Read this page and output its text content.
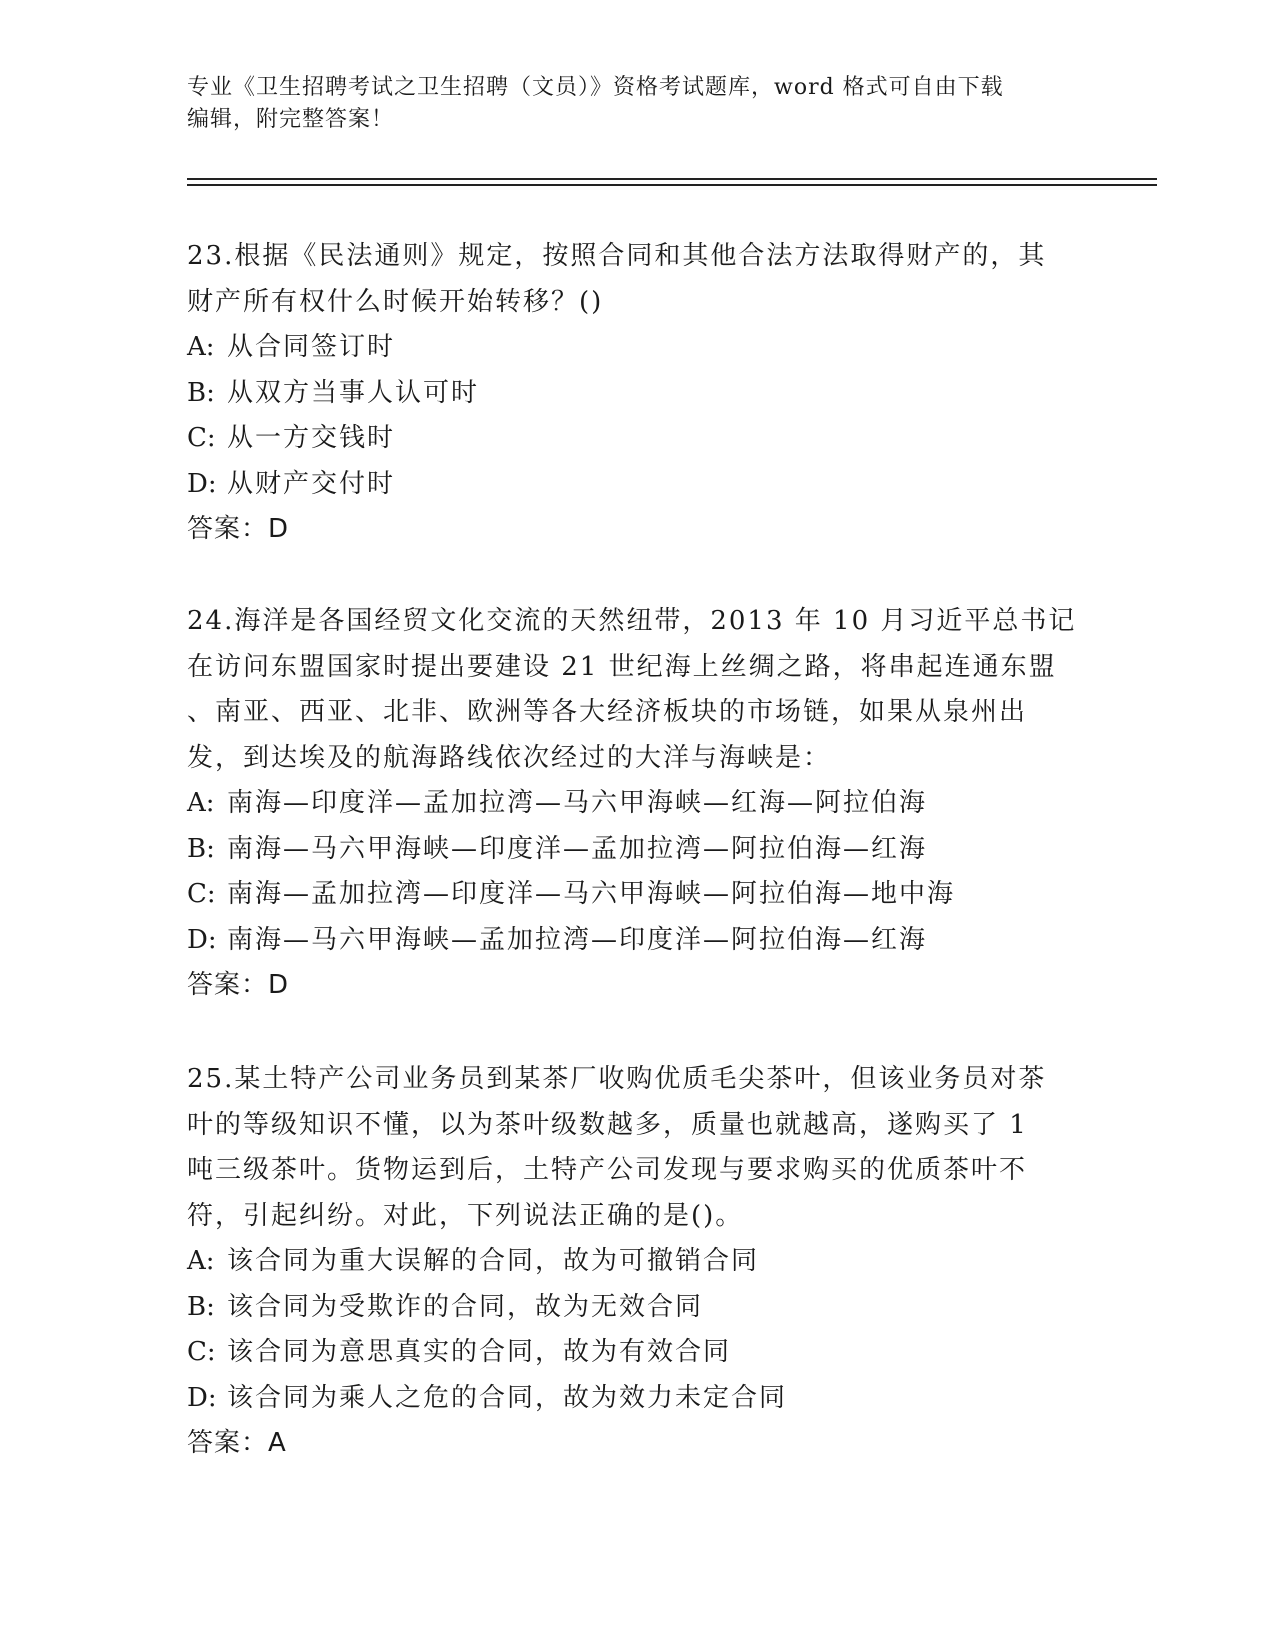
专业《卫生招聘考试之卫生招聘（文员）》资格考试题库，word 格式可自由下载
编辑，附完整答案！
23.根据《民法通则》规定，按照合同和其他合法方法取得财产的，其
财产所有权什么时候开始转移？()
A: 从合同签订时
B: 从双方当事人认可时
C: 从一方交钱时
D: 从财产交付时
答案：D
24.海洋是各国经贸文化交流的天然纽带，2013 年 10 月习近平总书记
在访问东盟国家时提出要建设 21 世纪海上丝绸之路，将串起连通东盟
、南亚、西亚、北非、欧洲等各大经济板块的市场链，如果从泉州出
发，到达埃及的航海路线依次经过的大洋与海峡是：
A: 南海—印度洋—孟加拉湾—马六甲海峡—红海—阿拉伯海
B: 南海—马六甲海峡—印度洋—孟加拉湾—阿拉伯海—红海
C: 南海—孟加拉湾—印度洋—马六甲海峡—阿拉伯海—地中海
D: 南海—马六甲海峡—孟加拉湾—印度洋—阿拉伯海—红海
答案：D
25.某土特产公司业务员到某茶厂收购优质毛尖茶叶，但该业务员对茶
叶的等级知识不懂，以为茶叶级数越多，质量也就越高，遂购买了 1
吨三级茶叶。货物运到后，土特产公司发现与要求购买的优质茶叶不
符，引起纠纷。对此，下列说法正确的是()。
A: 该合同为重大误解的合同，故为可撤销合同
B: 该合同为受欺诈的合同，故为无效合同
C: 该合同为意思真实的合同，故为有效合同
D: 该合同为乘人之危的合同，故为效力未定合同
答案：A
